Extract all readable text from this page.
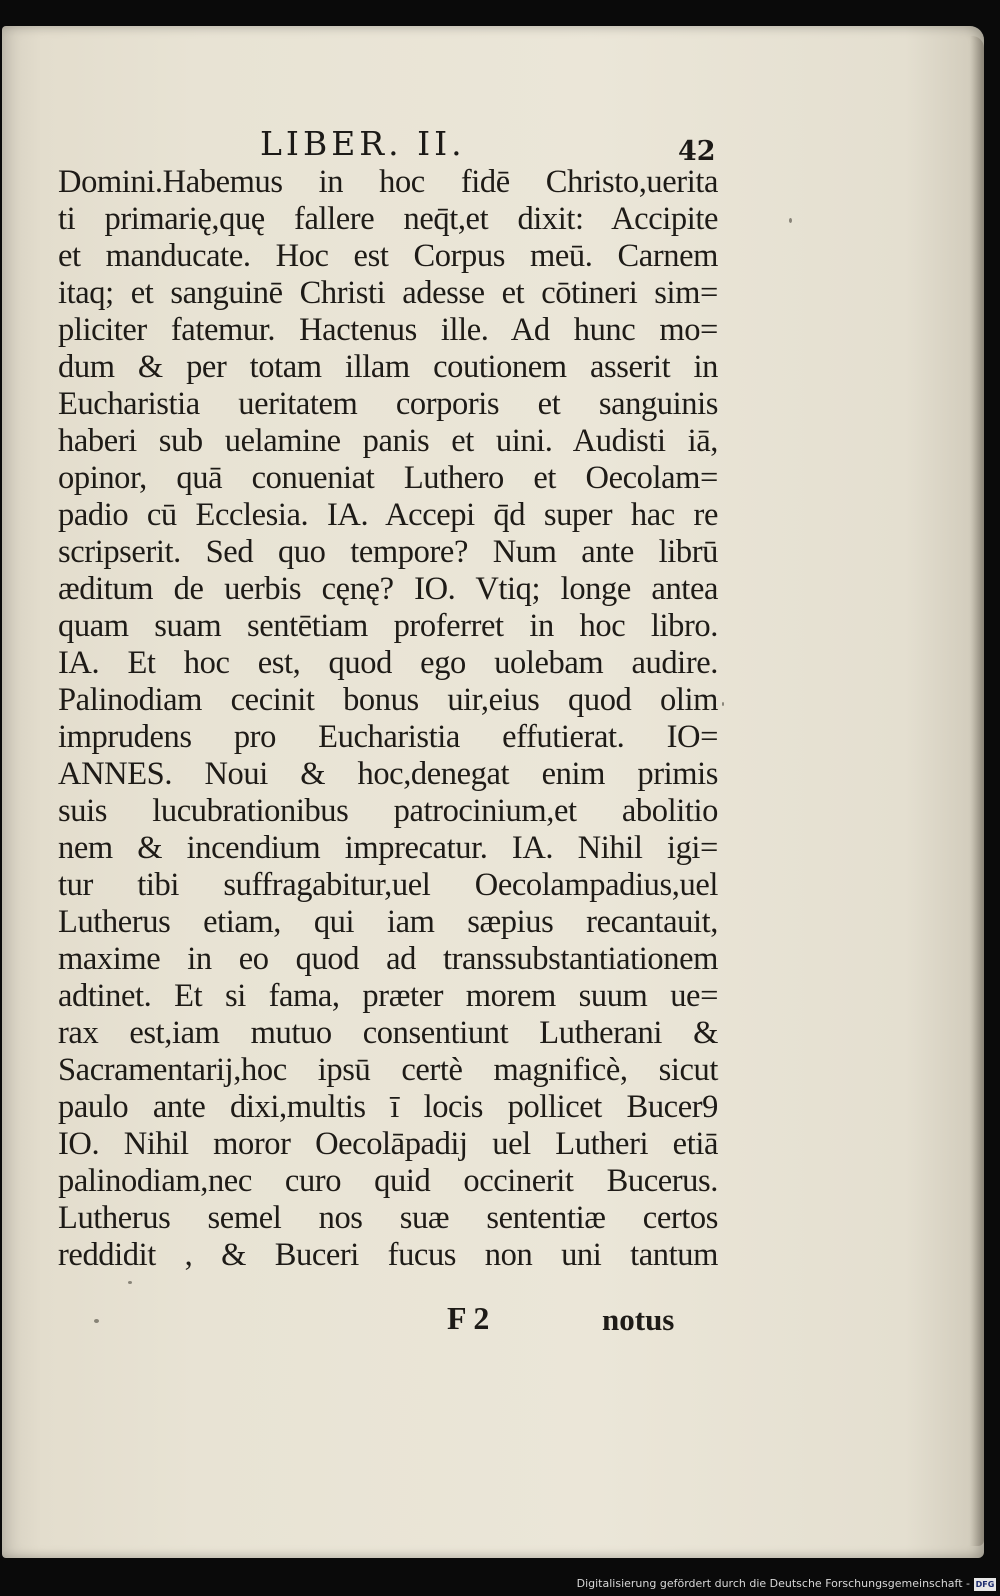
LIBER. II.	42
Domini.Habemus in hoc fidē Christo,uerita
ti primarię,quę fallere neq̄t,et dixit: Accipite
et manducate. Hoc est Corpus meū. Carnem
itaq; et sanguinē Christi adesse et cōtineri sim=
pliciter fatemur. Hactenus ille. Ad hunc mo=
dum & per totam illam coutionem asserit in
Eucharistia ueritatem corporis et sanguinis
haberi sub uelamine panis et uini. Audisti iā,
opinor, quā conueniat Luthero et Oecolam=
padio cū Ecclesia. IA. Accepi q̄d super hac re
scripserit. Sed quo tempore? Num ante librū
æditum de uerbis cęnę? IO. Vtiq; longe antea
quam suam sentētiam proferret in hoc libro.
IA. Et hoc est, quod ego uolebam audire.
Palinodiam cecinit bonus uir,eius quod olim
imprudens pro Eucharistia effutierat. IO=
ANNES. Noui & hoc,denegat enim primis
suis lucubrationibus patrocinium,et abolitio
nem & incendium imprecatur. IA. Nihil igi=
tur tibi suffragabitur,uel Oecolampadius,uel
Lutherus etiam, qui iam sæpius recantauit,
maxime in eo quod ad transsubstantiationem
adtinet. Et si fama, præter morem suum ue=
rax est,iam mutuo consentiunt Lutherani &
Sacramentarij,hoc ipsū certè magnificè, sicut
paulo ante dixi,multis ī locis pollicet Bucer9
IO. Nihil moror Oecolāpadij uel Lutheri etiā
palinodiam,nec curo quid occinerit Bucerus.
Lutherus semel nos suæ sententiæ certos
reddidit , & Buceri fucus non uni tantum
F 2	notus
Digitalisierung gefördert durch die Deutsche Forschungsgemeinschaft - DFG
